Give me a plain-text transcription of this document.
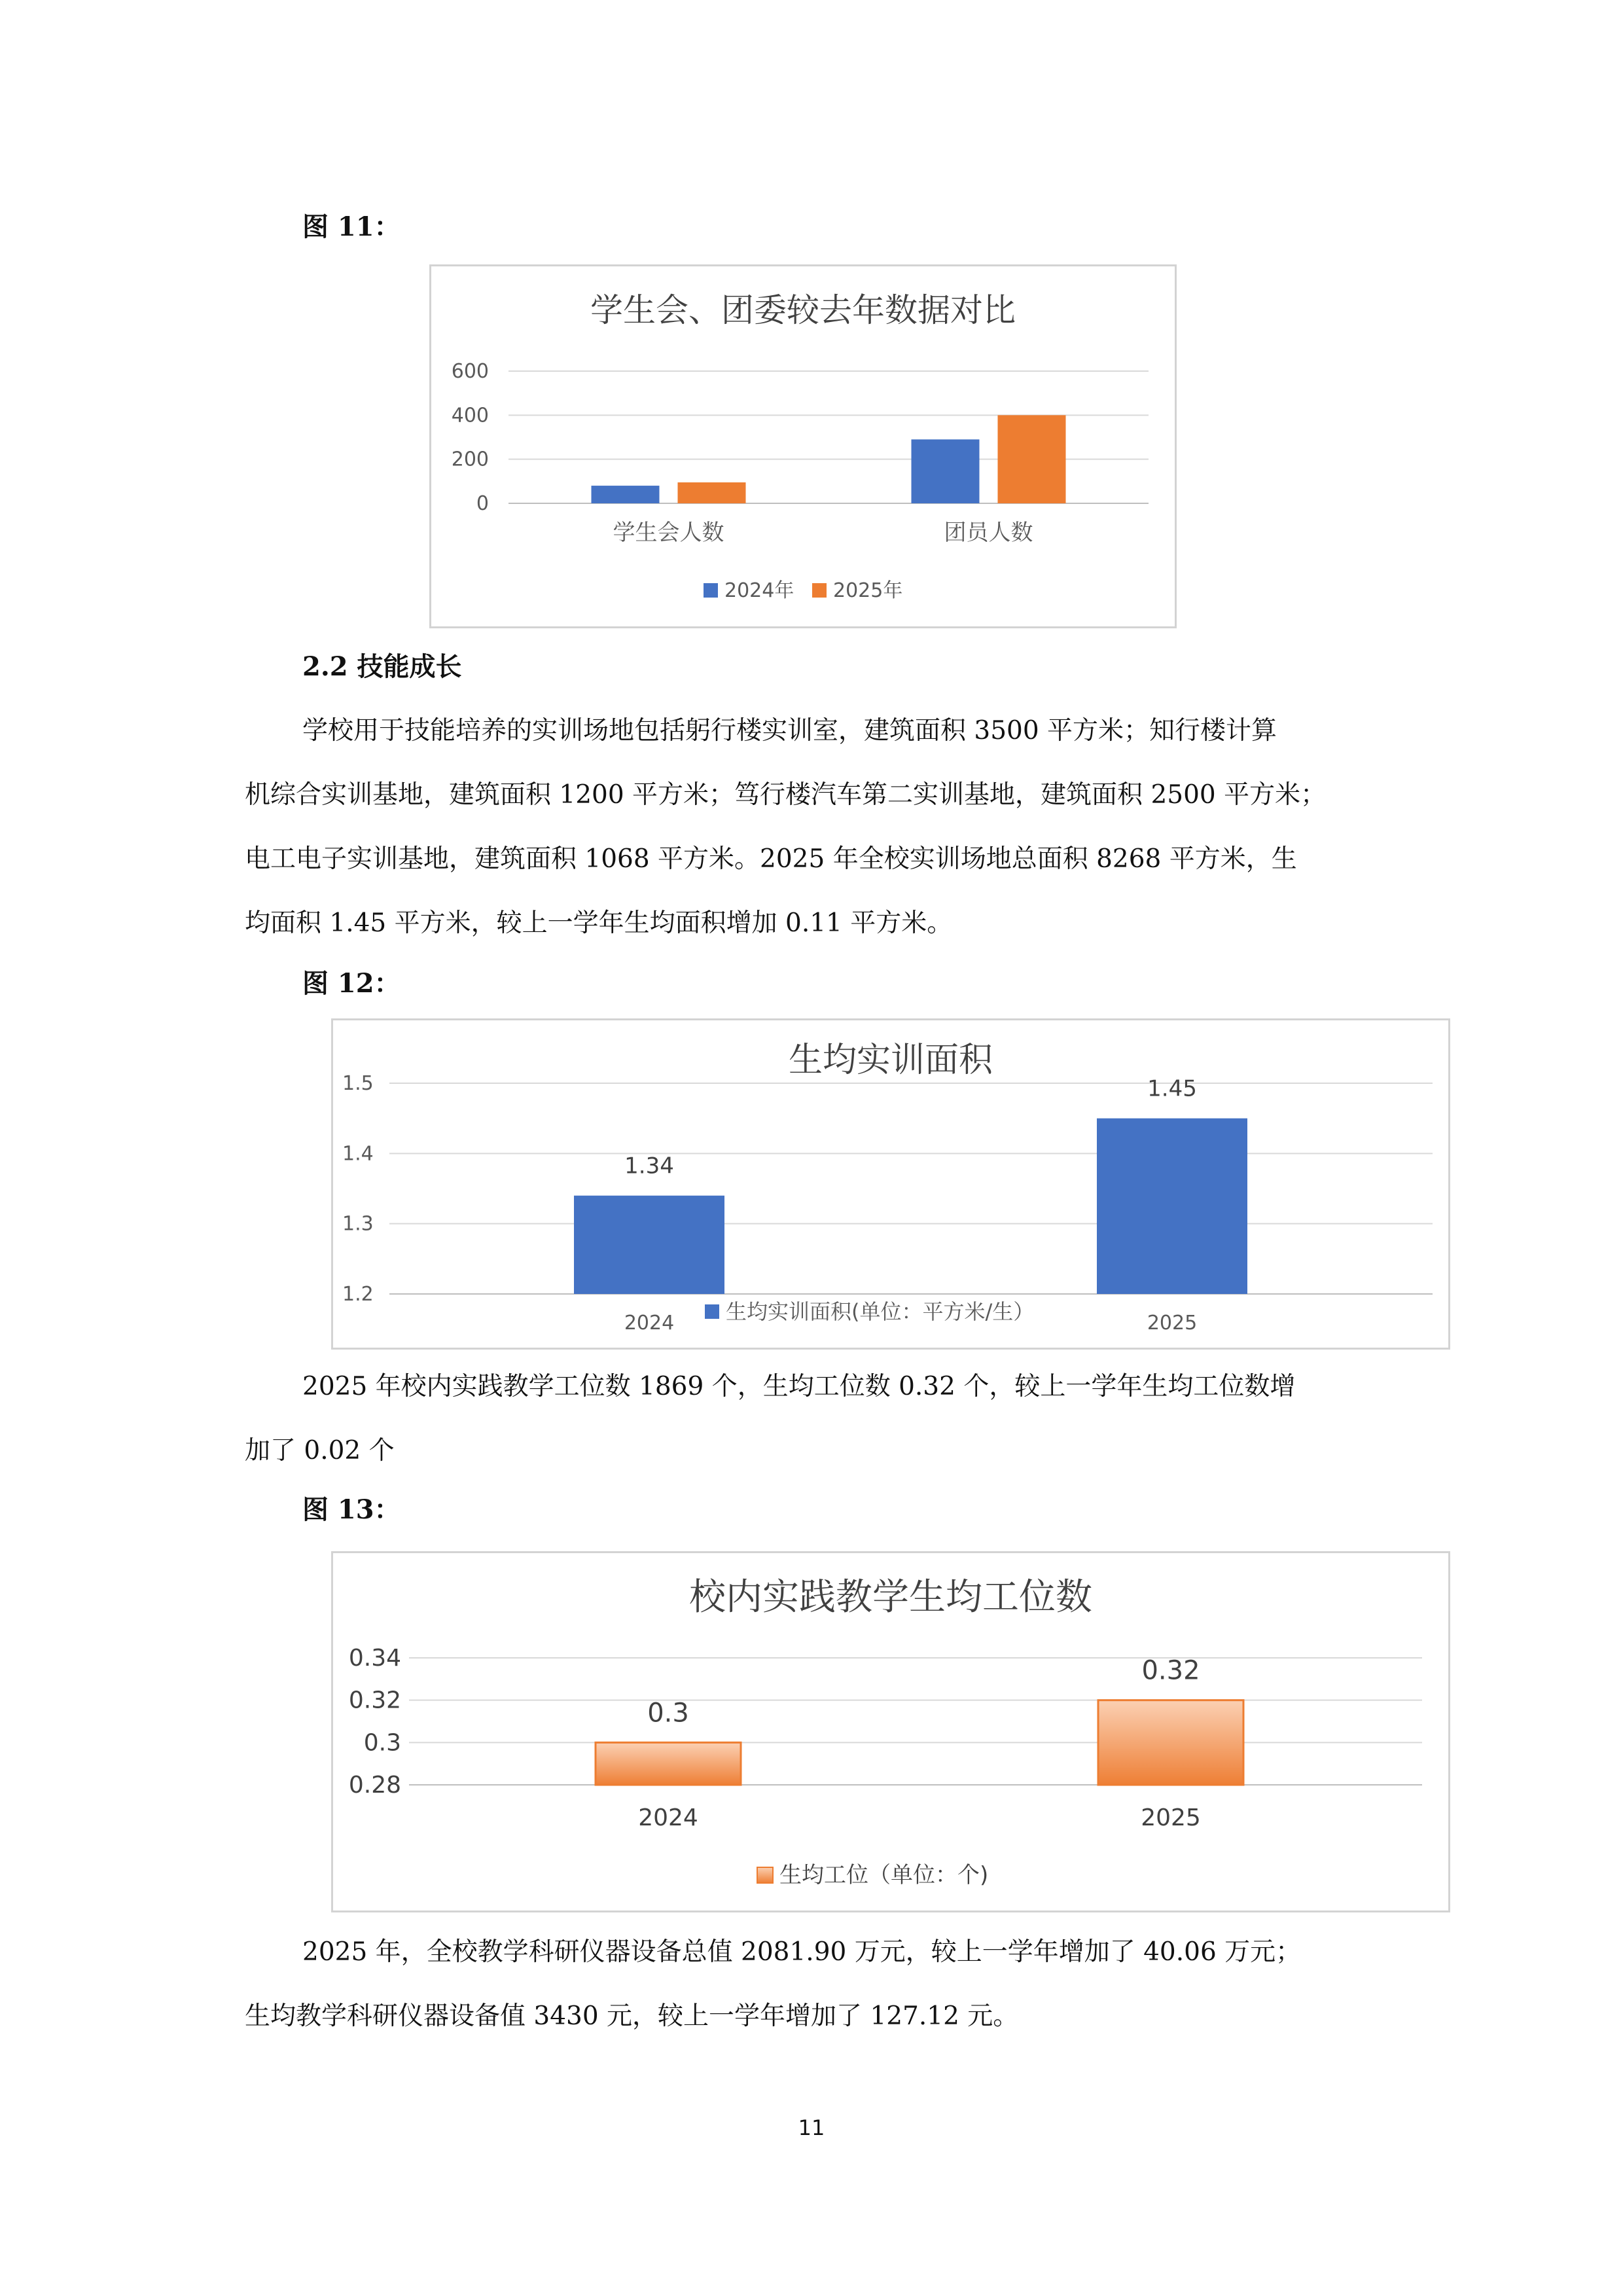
图 11：
学生会、团委较去年数据对比
0
200
400
600
学生会人数	团员人数
2024年 2025年
2.2 技能成长
学校用于技能培养的实训场地包括躬行楼实训室，建筑面积 3500 平方米；知行楼计算
机综合实训基地，建筑面积 1200 平方米；笃行楼汽车第二实训基地，建筑面积 2500 平方米；
电工电子实训基地，建筑面积 1068 平方米。2025 年全校实训场地总面积 8268 平方米，生
均面积 1.45 平方米，较上一学年生均面积增加 0.11 平方米。
图 12：
生均实训面积
1.2
1.3
1.4
1.5
1.34
2024
1.45
2025
生均实训面积(单位：平方米/生）
2025 年校内实践教学工位数 1869 个，生均工位数 0.32 个，较上一学年生均工位数增
加了 0.02 个
图 13：
校内实践教学生均工位数
0.28
0.3
0.32
0.34
0.3
2024
0.32
2025
生均工位（单位：个)
2025 年，全校教学科研仪器设备总值 2081.90 万元，较上一学年增加了 40.06 万元；
生均教学科研仪器设备值 3430 元，较上一学年增加了 127.12 元。
11
